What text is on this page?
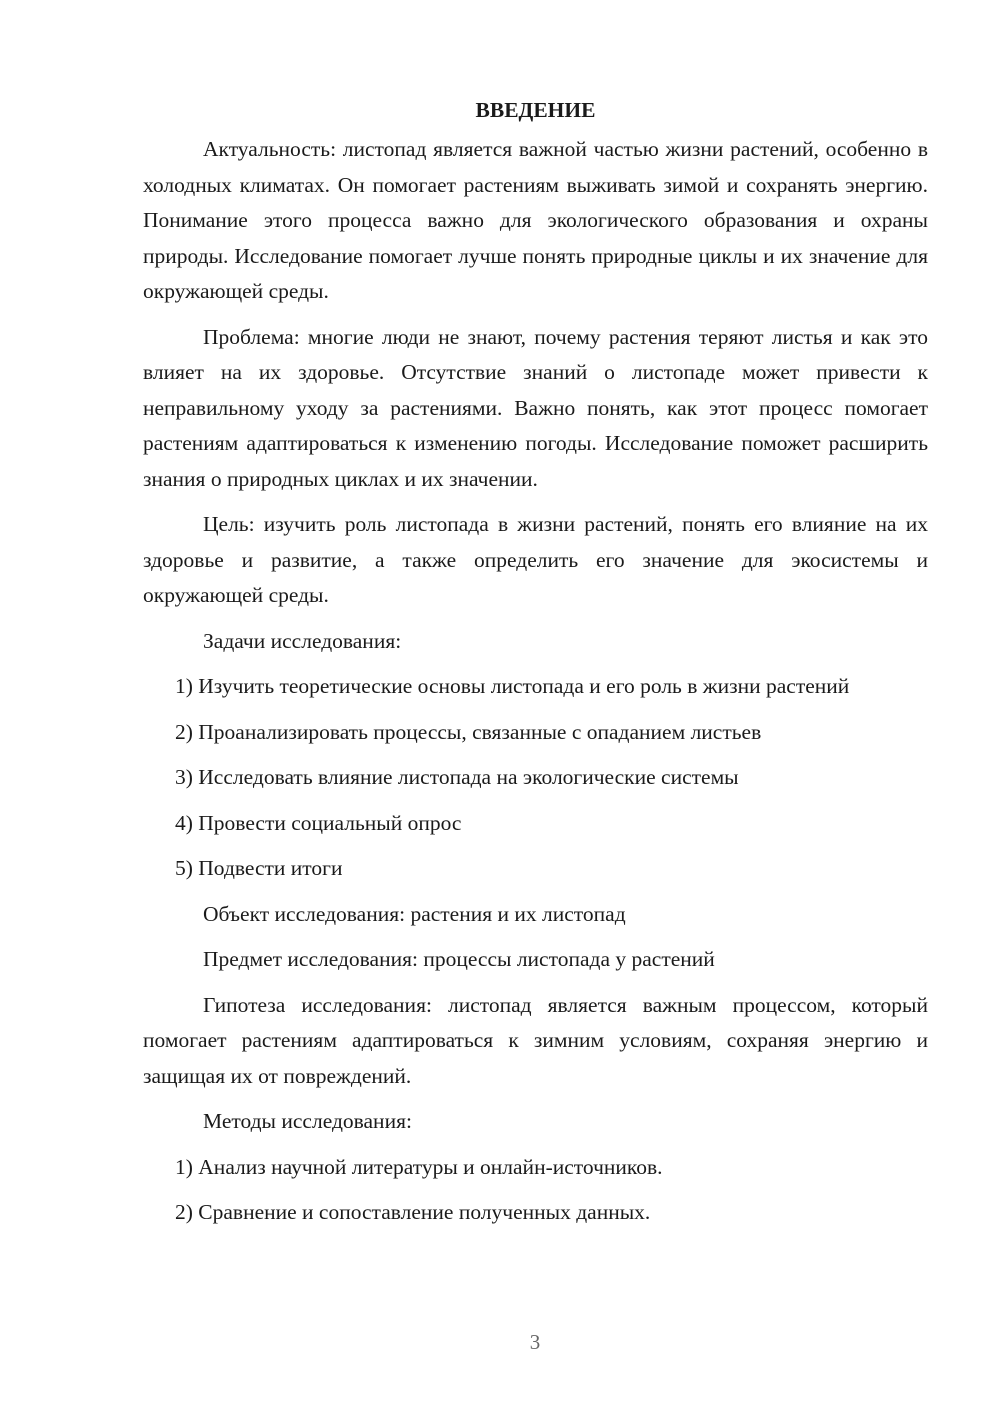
ВВЕДЕНИЕ

Актуальность: листопад является важной частью жизни растений, особенно в холодных климатах. Он помогает растениям выживать зимой и сохранять энергию. Понимание этого процесса важно для экологического образования и охраны природы. Исследование помогает лучше понять природные циклы и их значение для окружающей среды.

Проблема: многие люди не знают, почему растения теряют листья и как это влияет на их здоровье. Отсутствие знаний о листопаде может привести к неправильному уходу за растениями. Важно понять, как этот процесс помогает растениям адаптироваться к изменению погоды. Исследование поможет расширить знания о природных циклах и их значении.

Цель: изучить роль листопада в жизни растений, понять его влияние на их здоровье и развитие, а также определить его значение для экосистемы и окружающей среды.

Задачи исследования:

1) Изучить теоретические основы листопада и его роль в жизни растений

2) Проанализировать процессы, связанные с опаданием листьев

3) Исследовать влияние листопада на экологические системы

4) Провести социальный опрос

5) Подвести итоги

Объект исследования: растения и их листопад

Предмет исследования: процессы листопада у растений

Гипотеза исследования: листопад является важным процессом, который помогает растениям адаптироваться к зимним условиям, сохраняя энергию и защищая их от повреждений.

Методы исследования:

1) Анализ научной литературы и онлайн-источников.

2) Сравнение и сопоставление полученных данных.

3
